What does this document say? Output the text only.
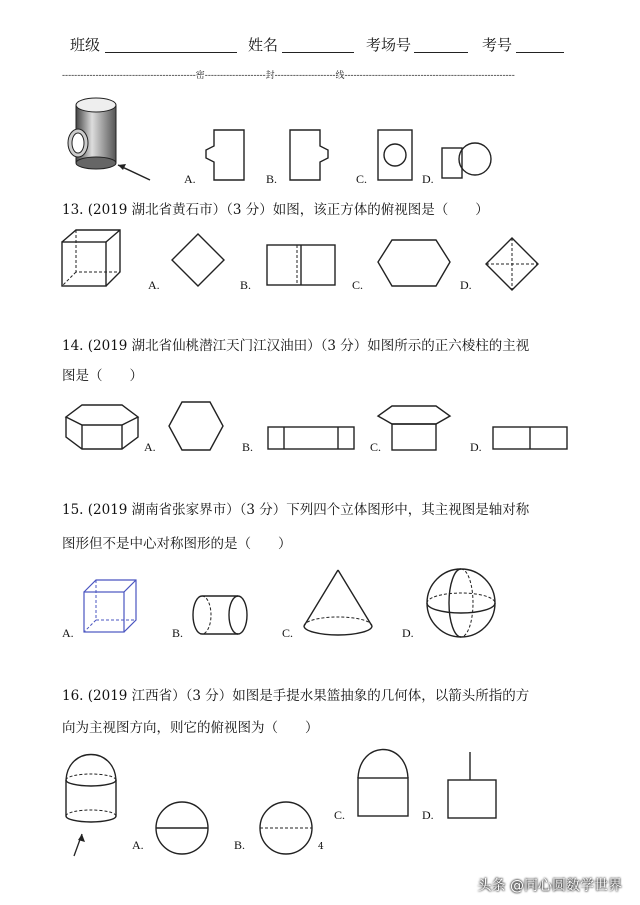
班级	姓名	考场号	考号
--------------------------------------------密--------------------封--------------------线--------------------------------------------------------
A.	B.	C.	D.
13. (2019 湖北省黄石市）（3 分）如图，该正方体的俯视图是（　　）
A.	B.	C.	D.
14. (2019 湖北省仙桃潜江天门江汉油田）（3 分）如图所示的正六棱柱的主视
图是（　　）
A.	B.	C.	D.
15. (2019 湖南省张家界市）（3 分）下列四个立体图形中，其主视图是轴对称
图形但不是中心对称图形的是（　　）
A.	B.	C.	D.
16. (2019 江西省）（3 分）如图是手提水果篮抽象的几何体，以箭头所指的方
向为主视图方向，则它的俯视图为（　　）
A.	B.
C.	D.
4
头条 @同心圆数学世界
